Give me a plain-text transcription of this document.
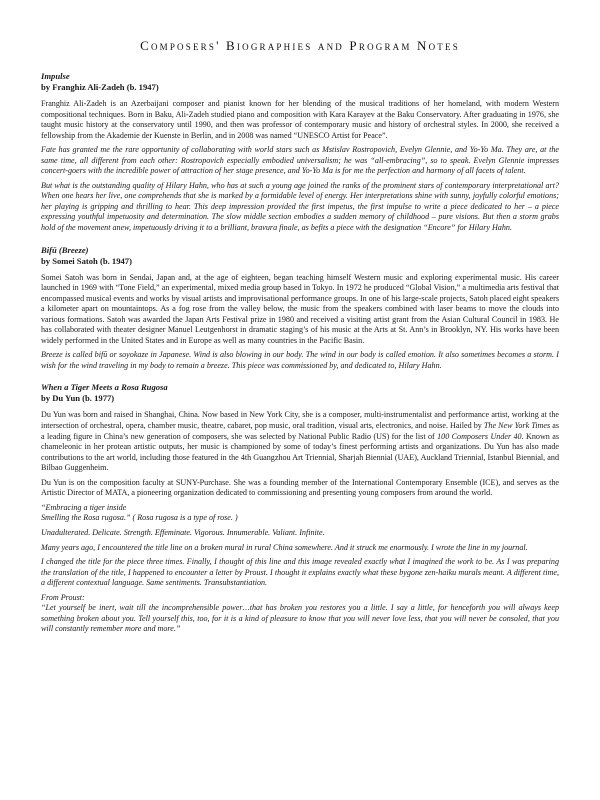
Composers' Biographies and Program Notes
Impulse
by Franghiz Ali-Zadeh (b. 1947)

Franghiz Ali-Zadeh is an Azerbaijani composer and pianist known for her blending of the musical traditions of her homeland, with modern Western compositional techniques. Born in Baku, Ali-Zadeh studied piano and composition with Kara Karayev at the Baku Conservatory. After graduating in 1976, she taught music history at the conservatory until 1990, and then was professor of contemporary music and history of orchestral styles. In 2000, she received a fellowship from the Akademie der Kuenste in Berlin, and in 2008 was named “UNESCO Artist for Peace”.

Fate has granted me the rare opportunity of collaborating with world stars such as Mstislav Rostropovich, Evelyn Glennie, and Yo-Yo Ma. They are, at the same time, all different from each other: Rostropovich especially embodied universalism; he was “all-embracing”, so to speak. Evelyn Glennie impresses concert-goers with the incredible power of attraction of her stage presence, and Yo-Yo Ma is for me the perfection and harmony of all facets of talent.

But what is the outstanding quality of Hilary Hahn, who has at such a young age joined the ranks of the prominent stars of contemporary interpretational art? When one hears her live, one comprehends that she is marked by a formidable level of energy. Her interpretations shine with sunny, joyfully colorful emotions; her playing is gripping and thrilling to hear. This deep impression provided the first impetus, the first impulse to write a piece dedicated to her – a piece expressing youthful impetuosity and determination. The slow middle section embodies a sudden memory of childhood – pure visions. But then a storm grabs hold of the movement anew, impetuously driving it to a brilliant, bravura finale, as befits a piece with the designation “Encore” for Hilary Hahn.

Bifū (Breeze)
by Somei Satoh (b. 1947)

Somei Satoh was born in Sendai, Japan and, at the age of eighteen, began teaching himself Western music and exploring experimental music. His career launched in 1969 with “Tone Field,” an experimental, mixed media group based in Tokyo. In 1972 he produced “Global Vision,” a multimedia arts festival that encompassed musical events and works by visual artists and improvisational performance groups. In one of his large-scale projects, Satoh placed eight speakers a kilometer apart on mountaintops. As a fog rose from the valley below, the music from the speakers combined with laser beams to move the clouds into various formations. Satoh was awarded the Japan Arts Festival prize in 1980 and received a visiting artist grant from the Asian Cultural Council in 1983. He has collaborated with theater designer Manuel Leutgenhorst in dramatic staging’s of his music at the Arts at St. Ann’s in Brooklyn, NY. His works have been widely performed in the United States and in Europe as well as many countries in the Pacific Basin.

Breeze is called bifū or soyokaze in Japanese. Wind is also blowing in our body. The wind in our body is called emotion. It also sometimes becomes a storm. I wish for the wind traveling in my body to remain a breeze. This piece was commissioned by, and dedicated to, Hilary Hahn.

When a Tiger Meets a Rosa Rugosa
by Du Yun (b. 1977)

Du Yun was born and raised in Shanghai, China. Now based in New York City, she is a composer, multi-instrumentalist and performance artist, working at the intersection of orchestral, opera, chamber music, theatre, cabaret, pop music, oral tradition, visual arts, electronics, and noise. Hailed by The New York Times as a leading figure in China’s new generation of composers, she was selected by National Public Radio (US) for the list of 100 Composers Under 40. Known as chameleonic in her protean artistic outputs, her music is championed by some of today’s finest performing artists and organizations. Du Yun has also made contributions to the art world, including those featured in the 4th Guangzhou Art Triennial, Sharjah Biennial (UAE), Auckland Triennial, Istanbul Biennial, and Bilbao Guggenheim.

Du Yun is on the composition faculty at SUNY-Purchase. She was a founding member of the International Contemporary Ensemble (ICE), and serves as the Artistic Director of MATA, a pioneering organization dedicated to commissioning and presenting young composers from around the world.

“Embracing a tiger inside
Smelling the Rosa rugosa.” ( Rosa rugosa is a type of rose. )

Unadulterated. Delicate. Strength. Effeminate. Vigorous. Innumerable. Valiant. Infinite.

Many years ago, I encountered the title line on a broken mural in rural China somewhere. And it struck me enormously. I wrote the line in my journal.

I changed the title for the piece three times. Finally, I thought of this line and this image revealed exactly what I imagined the work to be. As I was preparing the translation of the title, I happened to encounter a letter by Proust. I thought it explains exactly what these bygone zen-haiku murals meant. A different time, a different contextual language. Same sentiments. Transubstantiation.

From Proust:

“Let yourself be inert, wait till the incomprehensible power…that has broken you restores you a little. I say a little, for henceforth you will always keep something broken about you. Tell yourself this, too, for it is a kind of pleasure to know that you will never love less, that you will never be consoled, that you will constantly remember more and more.”
